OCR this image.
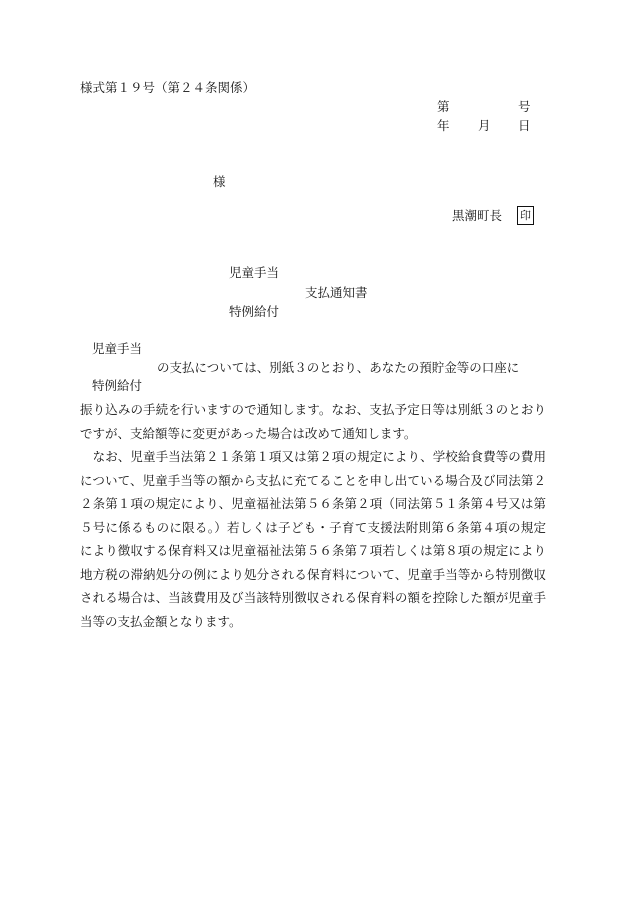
様式第１９号（第２４条関係）
第	号
年 月 日
様
黒潮町長 印
児童手当
支払通知書
特例給付
児童手当
の支払については、別紙３のとおり、あなたの預貯金等の口座に
特例給付
振り込みの手続を行いますので通知します。なお、支払予定日等は別紙３のとおりですが、支給額等に変更があった場合は改めて通知します。
　なお、児童手当法第２１条第１項又は第２項の規定により、学校給食費等の費用について、児童手当等の額から支払に充てることを申し出ている場合及び同法第２２条第１項の規定により、児童福祉法第５６条第２項（同法第５１条第４号又は第５号に係るものに限る。）若しくは子ども・子育て支援法附則第６条第４項の規定により徴収する保育料又は児童福祉法第５６条第７項若しくは第８項の規定により地方税の滞納処分の例により処分される保育料について、児童手当等から特別徴収される場合は、当該費用及び当該特別徴収される保育料の額を控除した額が児童手当等の支払金額となります。
